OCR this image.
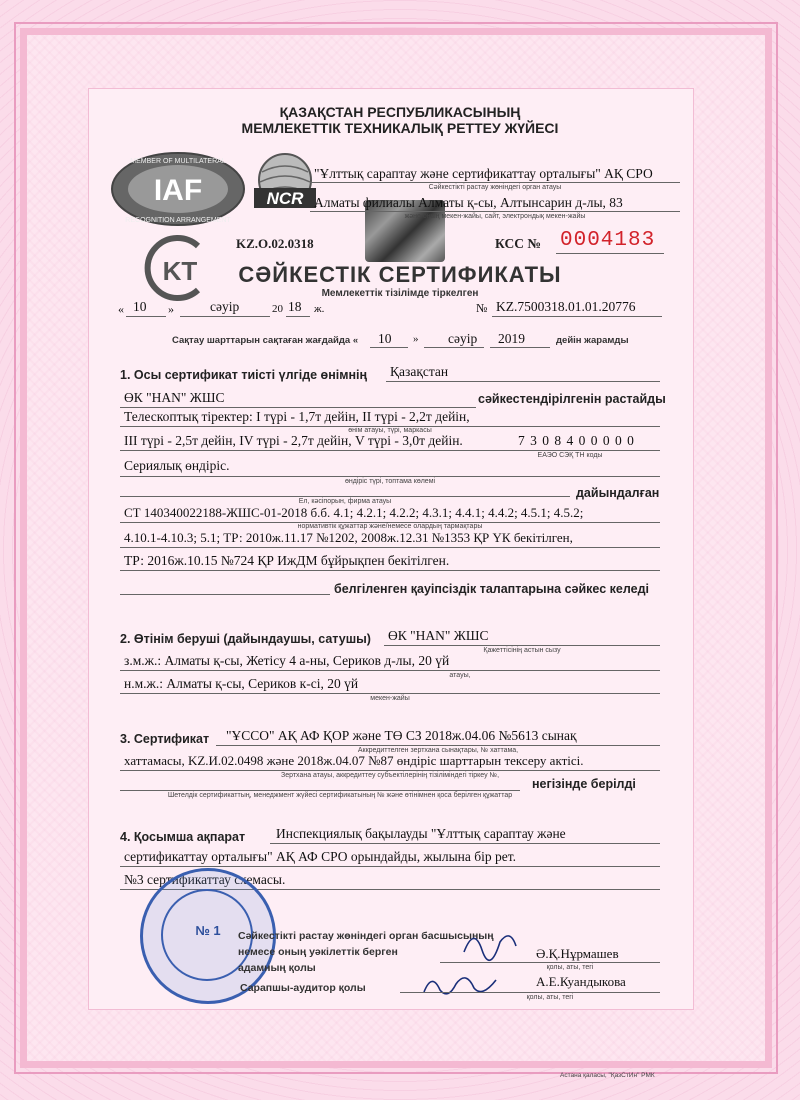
ҚАЗАҚСТАН РЕСПУБЛИКАСЫНЫҢ
МЕМЛЕКЕТТІК ТЕХНИКАЛЫҚ РЕТТЕУ ЖҮЙЕСІ
IAF
MEMBER OF MULTILATERAL
RECOGNITION ARRANGEMENT
NCR
KT
"Ұлттық сараптау және сертификаттау орталығы" АҚ СРО
Сәйкестікті растау жөніндегі орган атауы
Алматы филиалы Алматы қ-сы, Алтынсарин д-лы, 83
және оның мекен-жайы, сайт, электрондық мекен-жайы
KZ.O.02.0318	КСС № 0004183
СӘЙКЕСТІК СЕРТИФИКАТЫ
Мемлекеттік тізілімде тіркелген
« 10 »	сәуір	20 18 ж.	№ KZ.7500318.01.01.20776
Сақтау шарттарын сақтаған жағдайда « 10 » сәуір 2019	дейін жарамды
1. Осы сертификат тиісті үлгіде өнімнің Қазақстан
ӨК "HAN" ЖШС	сәйкестендірілгенін растайды
Телескоптық тіректер: I түрі - 1,7т дейін, II түрі - 2,2т дейін,
өнім атауы, түрі, маркасы
III түрі - 2,5т дейін, IV түрі - 2,7т дейін, V түрі - 3,0т дейін.	7 3 0 8 4 0 0 0 0 0
ЕАЭО СЭҚ ТН коды
Сериялық өндіріс.
өндіріс түрі, топтама көлемі
Ел, кәсіпорын, фирма атауы
дайындалған
СТ 140340022188-ЖШС-01-2018 б.б. 4.1; 4.2.1; 4.2.2; 4.3.1; 4.4.1; 4.4.2; 4.5.1; 4.5.2;
нормативтік құжаттар және/немесе олардың тармақтары
4.10.1-4.10.3; 5.1; ТР: 2010ж.11.17 №1202, 2008ж.12.31 №1353 ҚР ҮК бекітілген,
ТР: 2016ж.10.15 №724 ҚР ИжДМ бұйрықпен бекітілген.
белгіленген қауіпсіздік талаптарына сәйкес келеді
2. Өтінім беруші (дайындаушы, сатушы) ӨК "HAN" ЖШС
Қажеттісінің астын сызу
з.м.ж.: Алматы қ-сы, Жетісу 4 а-ны, Сериков д-лы, 20 үй
атауы,
н.м.ж.: Алматы қ-сы, Сериков к-сі, 20 үй
мекен-жайы
3. Сертификат "ҰССО" АҚ АФ ҚОР және ТӨ СЗ 2018ж.04.06 №5613 сынақ
Аккредиттелген зертхана сынақтары, № хаттама,
хаттамасы, KZ.И.02.0498 және 2018ж.04.07 №87 өндіріс шарттарын тексеру актісі.
Зертхана атауы, аккредиттеу субъектілерінің тізіліміндегі тіркеу №,
негізінде берілді
Шетелдік сертификаттың, менеджмент жүйесі сертификатының № және өтінімнен қоса берілген құжаттар
4. Қосымша ақпарат Инспекциялық бақылауды "Ұлттық сараптау және
сертификаттау орталығы" АҚ АФ СРО орындайды, жылына бір рет.
№3 сертификаттау схемасы.
№ 1	Сәйкестікті растау жөніндегі орган басшысының
немесе оның уәкілеттік берген
адамның қолы
Ә.Қ.Нұрмашев
қолы, аты, тегі
Сарапшы-аудитор қолы	А.Е.Куандыкова
қолы, аты, тегі
Астана қаласы, "ҚазСтИн" РМК
